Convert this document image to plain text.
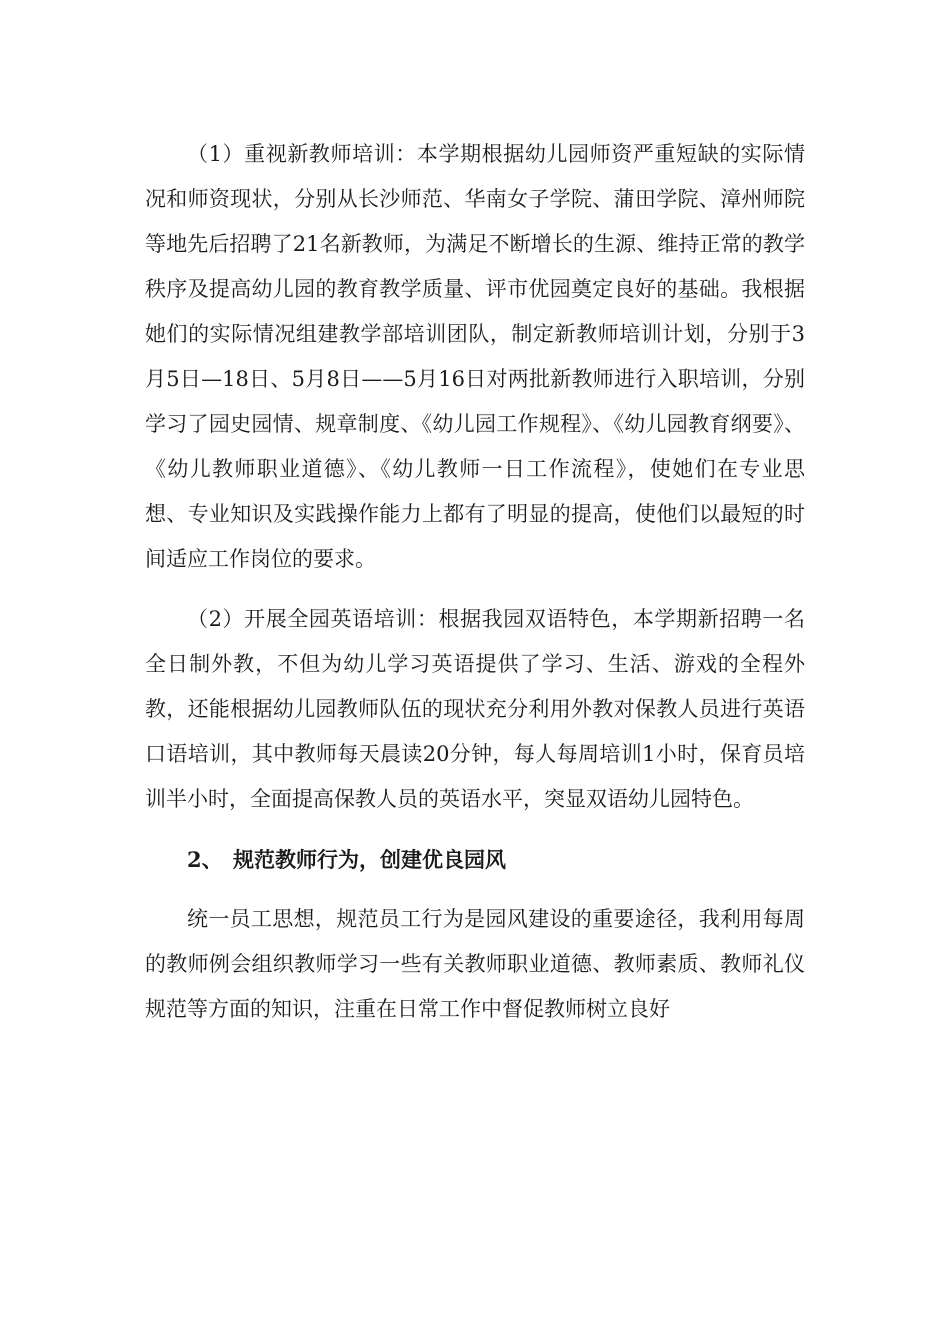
（1）重视新教师培训：本学期根据幼儿园师资严重短缺的实际情况和师资现状，分别从长沙师范、华南女子学院、蒲田学院、漳州师院等地先后招聘了21名新教师，为满足不断增长的生源、维持正常的教学秩序及提高幼儿园的教育教学质量、评市优园奠定良好的基础。我根据她们的实际情况组建教学部培训团队，制定新教师培训计划，分别于3月5日—18日、5月8日——5月16日对两批新教师进行入职培训，分别学习了园史园情、规章制度、《幼儿园工作规程》、《幼儿园教育纲要》、《幼儿教师职业道德》、《幼儿教师一日工作流程》，使她们在专业思想、专业知识及实践操作能力上都有了明显的提高，使他们以最短的时间适应工作岗位的要求。

（2）开展全园英语培训：根据我园双语特色，本学期新招聘一名全日制外教，不但为幼儿学习英语提供了学习、生活、游戏的全程外教，还能根据幼儿园教师队伍的现状充分利用外教对保教人员进行英语口语培训，其中教师每天晨读20分钟，每人每周培训1小时，保育员培训半小时，全面提高保教人员的英语水平，突显双语幼儿园特色。

2、 规范教师行为，创建优良园风

统一员工思想，规范员工行为是园风建设的重要途径，我利用每周的教师例会组织教师学习一些有关教师职业道德、教师素质、教师礼仪规范等方面的知识，注重在日常工作中督促教师树立良好
